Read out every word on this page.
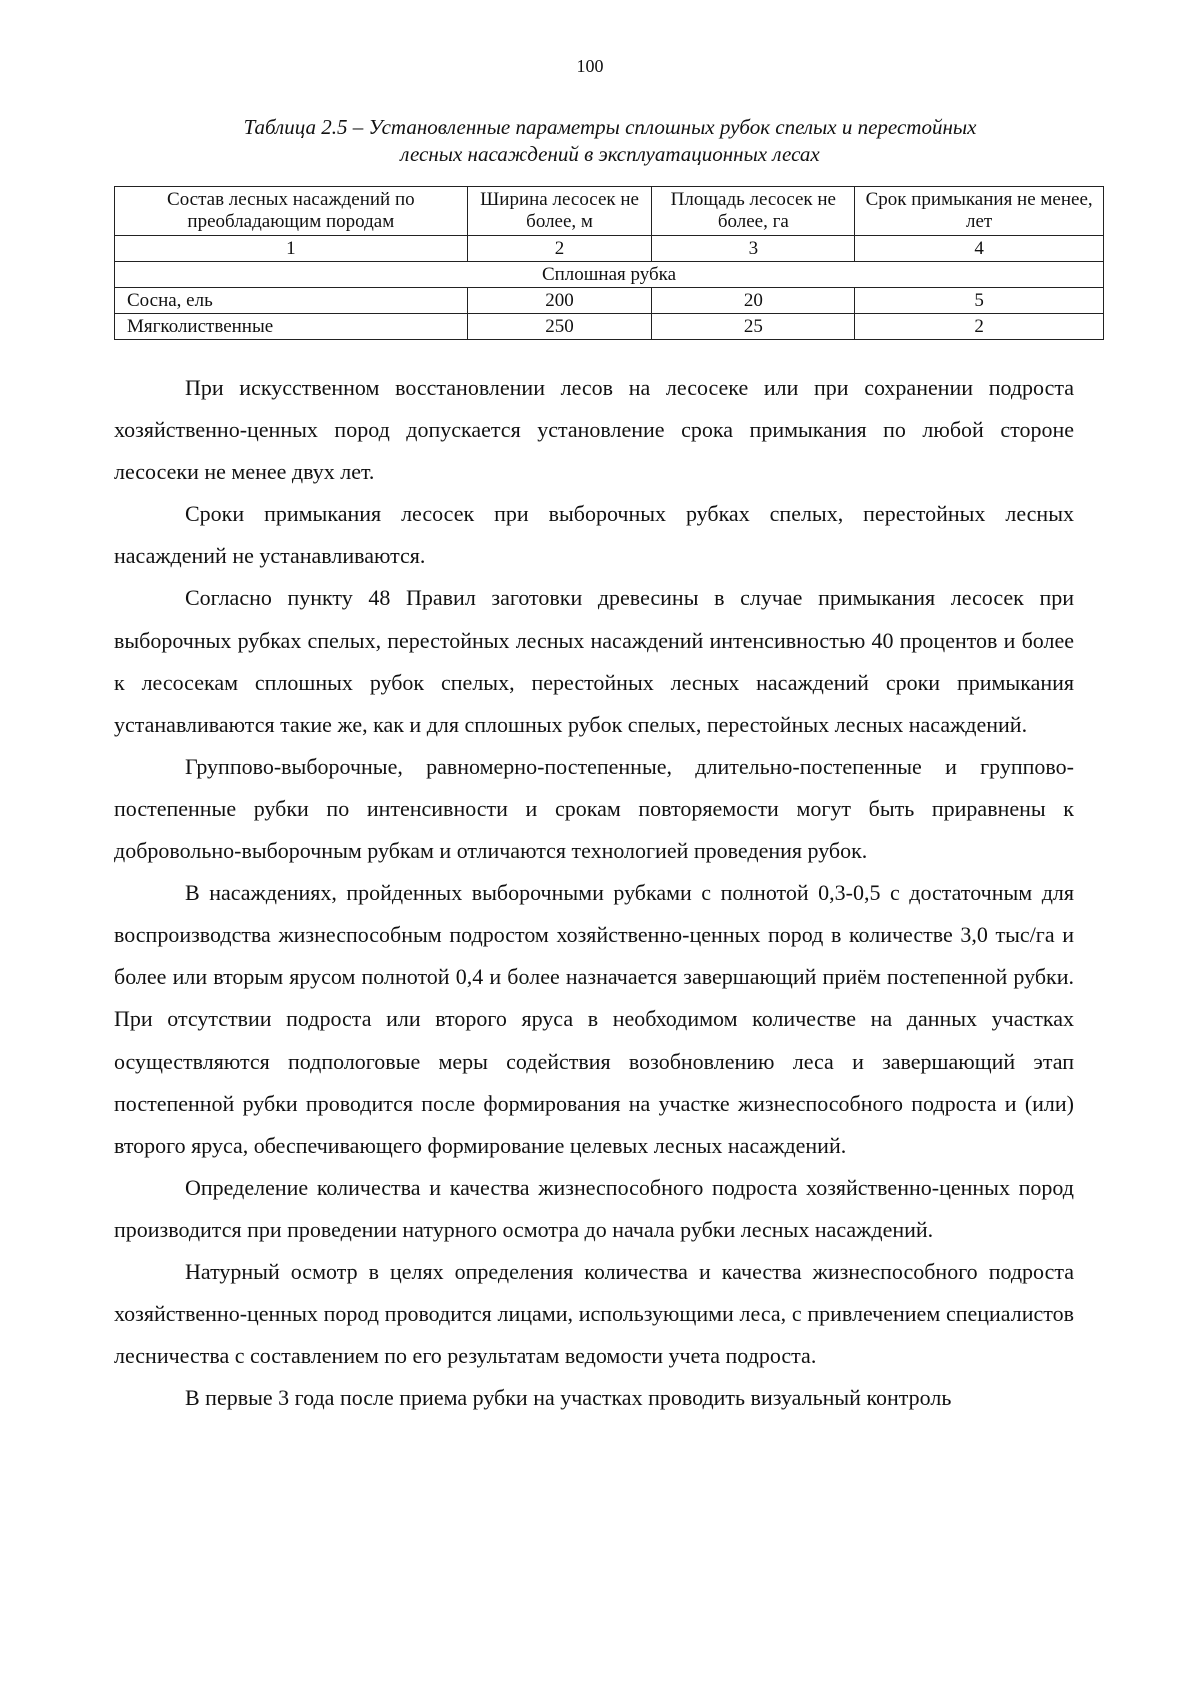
100
Таблица 2.5 – Установленные параметры сплошных рубок спелых и перестойных
лесных насаждений в эксплуатационных лесах
Состав лесных насаждений по преобладающим породам	Ширина лесосек не более, м	Площадь лесосек не более, га	Срок примыкания не менее, лет
1	2	3	4
Сплошная рубка			
Сосна, ель	200	20	5
Мягколиственные	250	25	2

При искусственном восстановлении лесов на лесосеке или при сохранении подроста хозяйственно-ценных пород допускается установление срока примыкания по любой стороне лесосеки не менее двух лет.

Сроки примыкания лесосек при выборочных рубках спелых, перестойных лесных насаждений не устанавливаются.

Согласно пункту 48 Правил заготовки древесины в случае примыкания лесосек при выборочных рубках спелых, перестойных лесных насаждений интенсивностью 40 процентов и более к лесосекам сплошных рубок спелых, перестойных лесных насаждений сроки примыкания устанавливаются такие же, как и для сплошных рубок спелых, перестойных лесных насаждений.

Группово-выборочные, равномерно-постепенные, длительно-постепенные и группово-постепенные рубки по интенсивности и срокам повторяемости могут быть приравнены к добровольно-выборочным рубкам и отличаются технологией проведения рубок.

В насаждениях, пройденных выборочными рубками с полнотой 0,3-0,5 с достаточным для воспроизводства жизнеспособным подростом хозяйственно-ценных пород в количестве 3,0 тыс/га и более или вторым ярусом полнотой 0,4 и более назначается завершающий приём постепенной рубки. При отсутствии подроста или второго яруса в необходимом количестве на данных участках осуществляются подпологовые меры содействия возобновлению леса и завершающий этап постепенной рубки проводится после формирования на участке жизнеспособного подроста и (или) второго яруса, обеспечивающего формирование целевых лесных насаждений.

Определение количества и качества жизнеспособного подроста хозяйственно-ценных пород производится при проведении натурного осмотра до начала рубки лесных насаждений.

Натурный осмотр в целях определения количества и качества жизнеспособного подроста хозяйственно-ценных пород проводится лицами, использующими леса, с привлечением специалистов лесничества с составлением по его результатам ведомости учета подроста.

В первые 3 года после приема рубки на участках проводить визуальный контроль
